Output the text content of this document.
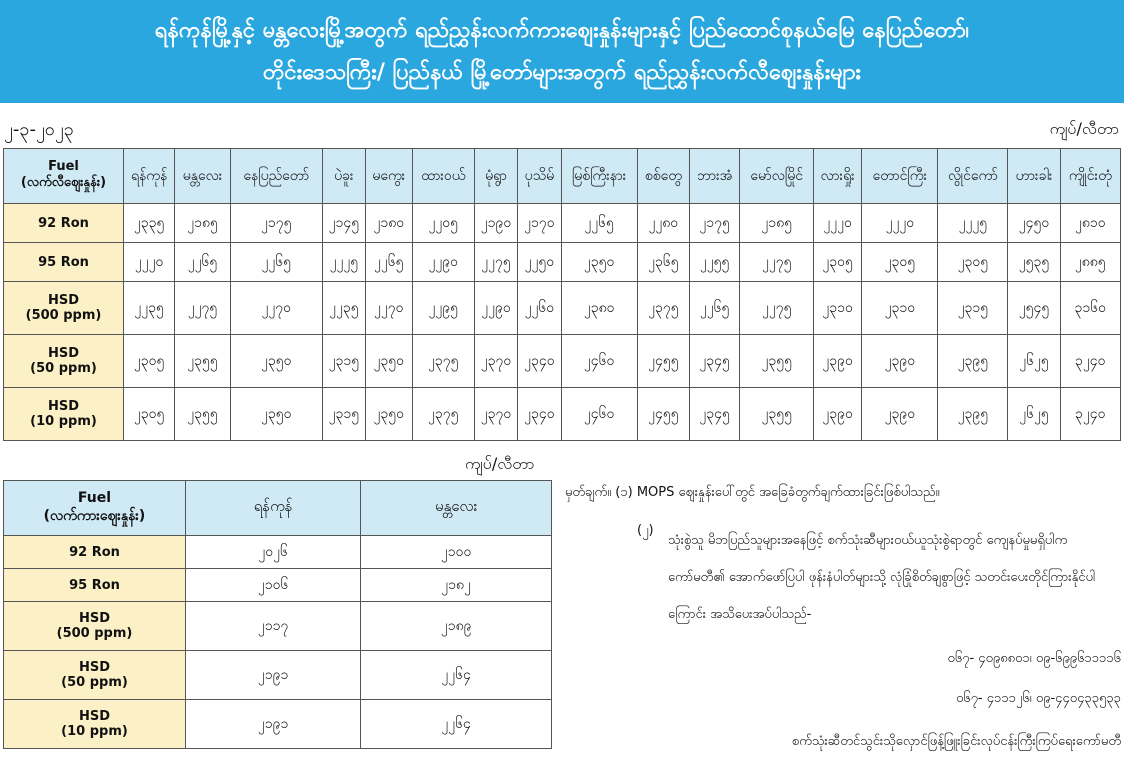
ရန်ကုန်မြို့နှင့် မန္တလေးမြို့အတွက် ရည်ညွှန်းလက်ကားဈေးနှုန်းများနှင့် ပြည်ထောင်စုနယ်မြေ နေပြည်တော်၊
တိုင်းဒေသကြီး/ ပြည်နယ် မြို့တော်များအတွက် ရည်ညွှန်းလက်လီဈေးနှုန်းများ
၂-၃-၂၀၂၃	ကျပ်/လီတာ
Fuel
(လက်လီဈေးနှုန်း)	ရန်ကုန်	မန္တလေး	နေပြည်တော်	ပဲခူး	မကွေး	ထားဝယ်	မုံရွာ	ပုသိမ်	မြစ်ကြီးနား	စစ်တွေ	ဘားအံ	မော်လမြိုင်	လားရှိုး	တောင်ကြီး	လွိုင်ကော်	ဟားခါး	ကျိုင်းတုံ
92 Ron	၂၃၃၅	၂၁၈၅	၂၁၇၅	၂၁၄၅	၂၁၈၀	၂၂၀၅	၂၁၉၀	၂၁၇၀	၂၂၆၅	၂၂၈၀	၂၁၇၅	၂၁၈၅	၂၂၂၀	၂၂၂၀	၂၂၂၅	၂၄၅၀	၂၈၁၀
95 Ron	၂၂၂၀	၂၂၆၅	၂၂၆၅	၂၂၂၅	၂၂၆၅	၂၂၉၀	၂၂၇၅	၂၂၅၀	၂၃၅၀	၂၃၆၅	၂၂၅၅	၂၂၇၅	၂၃၀၅	၂၃၀၅	၂၃၀၅	၂၅၃၅	၂၈၈၅
HSD
(500 ppm)	၂၂၃၅	၂၂၇၅	၂၂၇၀	၂၂၃၅	၂၂၇၀	၂၂၉၅	၂၂၉၀	၂၂၆၀	၂၃၈၀	၂၃၇၅	၂၂၆၅	၂၂၇၅	၂၃၁၀	၂၃၁၀	၂၃၁၅	၂၅၄၅	၃၁၆၀
HSD
(50 ppm)	၂၃၀၅	၂၃၅၅	၂၃၅၀	၂၃၁၅	၂၃၅၀	၂၃၇၅	၂၃၇၀	၂၃၄၀	၂၄၆၀	၂၄၅၅	၂၃၄၅	၂၃၅၅	၂၃၉၀	၂၃၉၀	၂၃၉၅	၂၆၂၅	၃၂၄၀
HSD
(10 ppm)	၂၃၀၅	၂၃၅၅	၂၃၅၀	၂၃၁၅	၂၃၅၀	၂၃၇၅	၂၃၇၀	၂၃၄၀	၂၄၆၀	၂၄၅၅	၂၃၄၅	၂၃၅၅	၂၃၉၀	၂၃၉၀	၂၃၉၅	၂၆၂၅	၃၂၄၀
ကျပ်/လီတာ
Fuel
(လက်ကားဈေးနှုန်း)	ရန်ကုန်	မန္တလေး
92 Ron	၂၀၂၆	၂၁၀၀
95 Ron	၂၁၀၆	၂၁၈၂
HSD
(500 ppm)	၂၁၁၇	၂၁၈၉
HSD
(50 ppm)	၂၁၉၁	၂၂၆၄
HSD
(10 ppm)	၂၁၉၁	၂၂၆၄
မှတ်ချက်။ (၁) MOPS ဈေးနှုန်းပေါ်တွင် အခြေခံတွက်ချက်ထားခြင်းဖြစ်ပါသည်။
(၂)
သုံးစွဲသူ မိဘပြည်သူများအနေဖြင့် စက်သုံးဆီများဝယ်ယူသုံးစွဲရာတွင် ကျေနပ်မှုမရှိပါက ကော်မတီ၏ အောက်ဖော်ပြပါ ဖုန်းနံပါတ်များသို့ လုံခြုံစိတ်ချစွာဖြင့် သတင်းပေးတိုင်ကြားနိုင်ပါကြောင်း အသိပေးအပ်ပါသည်-
၀၆၇- ၄၀၉၈၈၀၁၊ ၀၉-၆၉၉၆၁၁၁၁၆
၀၆၇- ၄၁၁၁၂၆၊ ၀၉-၄၄၀၄၃၃၅၃၃
စက်သုံးဆီတင်သွင်းသိုလှောင်ဖြန့်ဖြူးခြင်းလုပ်ငန်းကြီးကြပ်ရေးကော်မတီ
